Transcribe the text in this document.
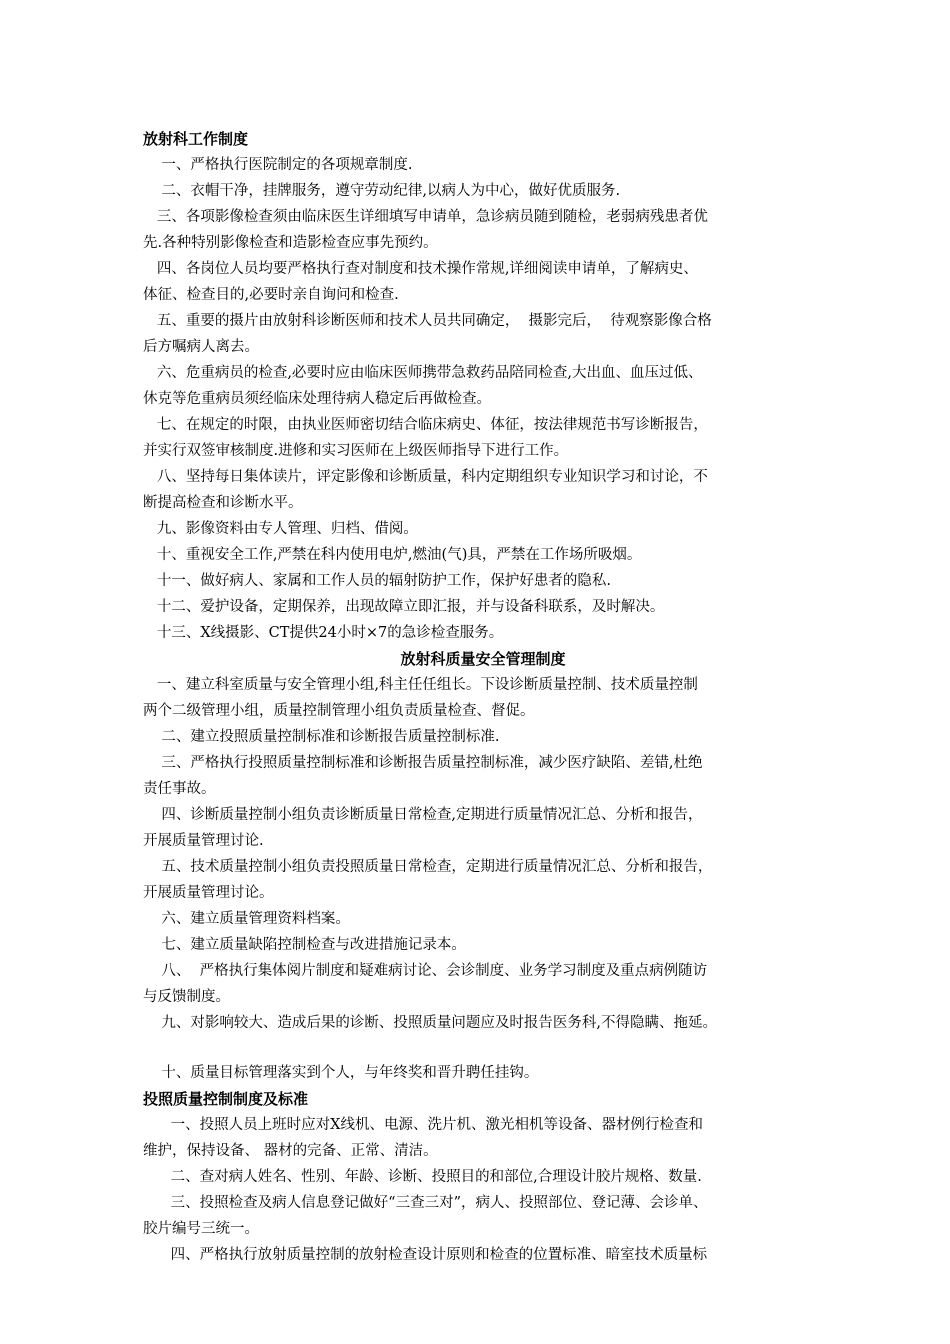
放射科工作制度
一、严格执行医院制定的各项规章制度.
二、衣帽干净，挂牌服务，遵守劳动纪律,以病人为中心，做好优质服务.
三、各项影像检查须由临床医生详细填写申请单，急诊病员随到随检，老弱病残患者优
先.各种特别影像检查和造影检查应事先预约。
四、各岗位人员均要严格执行查对制度和技术操作常规,详细阅读申请单，了解病史、
体征、检查目的,必要时亲自询问和检查.
五、重要的摄片由放射科诊断医师和技术人员共同确定，  摄影完后，  待观察影像合格
后方嘱病人离去。
六、危重病员的检查,必要时应由临床医师携带急救药品陪同检查,大出血、血压过低、
休克等危重病员须经临床处理待病人稳定后再做检查。
七、在规定的时限，由执业医师密切结合临床病史、体征，按法律规范书写诊断报告，
并实行双签审核制度.进修和实习医师在上级医师指导下进行工作。
八、坚持每日集体读片，评定影像和诊断质量，科内定期组织专业知识学习和讨论，不
断提高检查和诊断水平。
九、影像资料由专人管理、归档、借阅。
十、重视安全工作,严禁在科内使用电炉,燃油(气)具，严禁在工作场所吸烟。
十一、做好病人、家属和工作人员的辐射防护工作，保护好患者的隐私.
十二、爱护设备，定期保养，出现故障立即汇报，并与设备科联系，及时解决。
十三、X线摄影、CT提供24小时×7的急诊检查服务。
放射科质量安全管理制度
一、建立科室质量与安全管理小组,科主任任组长。下设诊断质量控制、技术质量控制
两个二级管理小组，质量控制管理小组负责质量检查、督促。
二、建立投照质量控制标准和诊断报告质量控制标准.
三、严格执行投照质量控制标准和诊断报告质量控制标准，减少医疗缺陷、差错,杜绝
责任事故。
四、诊断质量控制小组负责诊断质量日常检查,定期进行质量情况汇总、分析和报告，
开展质量管理讨论.
五、技术质量控制小组负责投照质量日常检查，定期进行质量情况汇总、分析和报告，
开展质量管理讨论。
六、建立质量管理资料档案。
七、建立质量缺陷控制检查与改进措施记录本。
八、  严格执行集体阅片制度和疑难病讨论、会诊制度、业务学习制度及重点病例随访
与反馈制度。
九、对影响较大、造成后果的诊断、投照质量问题应及时报告医务科,不得隐瞒、拖延。
十、质量目标管理落实到个人，与年终奖和晋升聘任挂钩。
投照质量控制制度及标准
一、投照人员上班时应对X线机、电源、洗片机、激光相机等设备、器材例行检查和
维护，保持设备、 器材的完备、正常、清洁。
二、查对病人姓名、性别、年龄、诊断、投照目的和部位,合理设计胶片规格、数量.
三、投照检查及病人信息登记做好“三查三对”，病人、投照部位、登记薄、会诊单、
胶片编号三统一。
四、严格执行放射质量控制的放射检查设计原则和检查的位置标准、暗室技术质量标
